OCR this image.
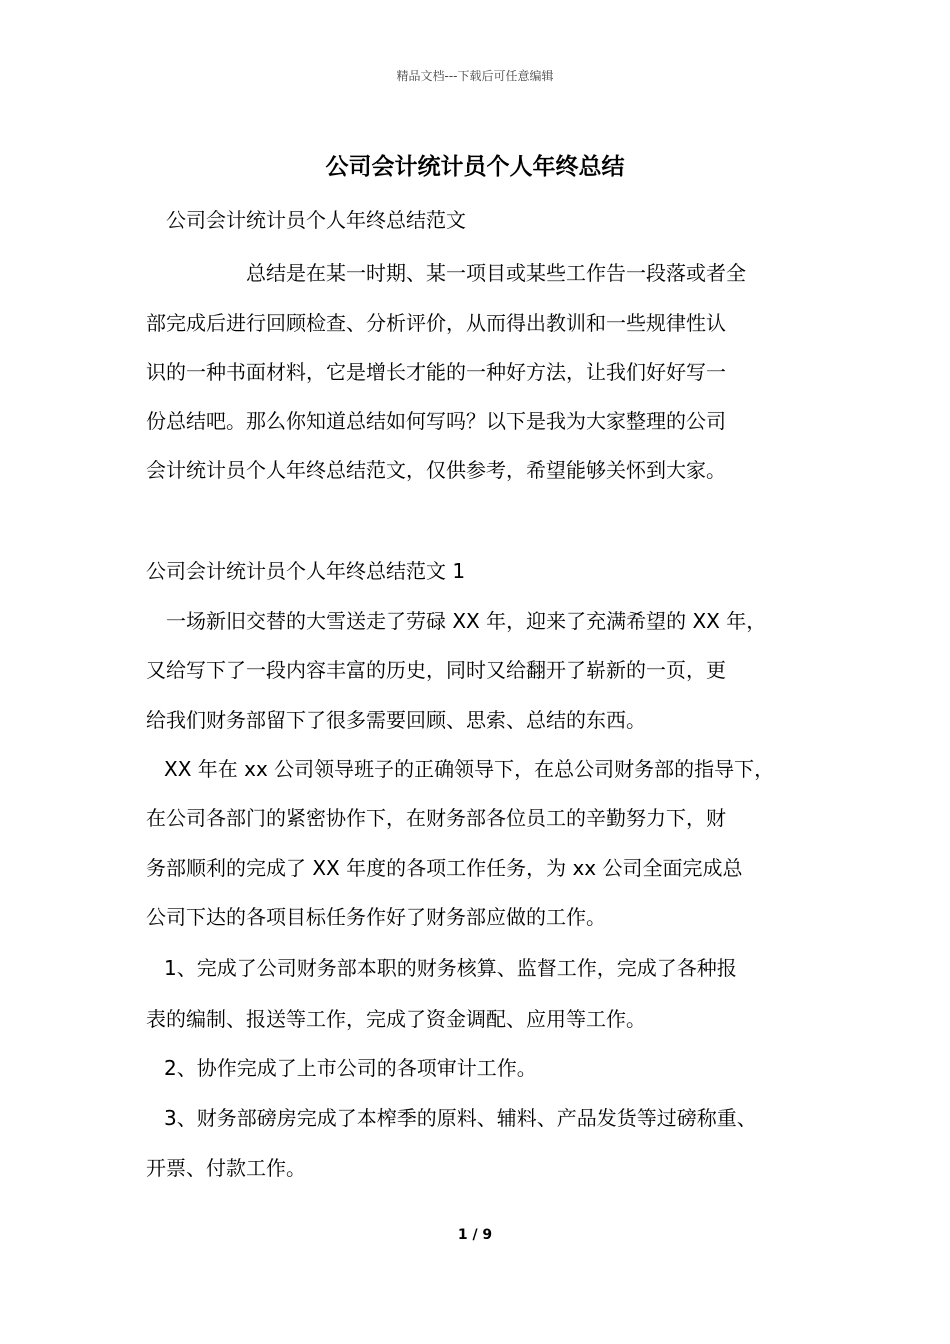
精品文档---下载后可任意编辑
公司会计统计员个人年终总结
公司会计统计员个人年终总结范文
总结是在某一时期、某一项目或某些工作告一段落或者全
部完成后进行回顾检查、分析评价，从而得出教训和一些规律性认
识的一种书面材料，它是增长才能的一种好方法，让我们好好写一
份总结吧。那么你知道总结如何写吗？以下是我为大家整理的公司
会计统计员个人年终总结范文，仅供参考，希望能够关怀到大家。
公司会计统计员个人年终总结范文 1
一场新旧交替的大雪送走了劳碌 XX 年，迎来了充满希望的 XX 年，
又给写下了一段内容丰富的历史，同时又给翻开了崭新的一页，更
给我们财务部留下了很多需要回顾、思索、总结的东西。
XX 年在 xx 公司领导班子的正确领导下，在总公司财务部的指导下，
在公司各部门的紧密协作下，在财务部各位员工的辛勤努力下，财
务部顺利的完成了 XX 年度的各项工作任务，为 xx 公司全面完成总
公司下达的各项目标任务作好了财务部应做的工作。
1、完成了公司财务部本职的财务核算、监督工作，完成了各种报
表的编制、报送等工作，完成了资金调配、应用等工作。
2、协作完成了上市公司的各项审计工作。
3、财务部磅房完成了本榨季的原料、辅料、产品发货等过磅称重、
开票、付款工作。
1 / 9
